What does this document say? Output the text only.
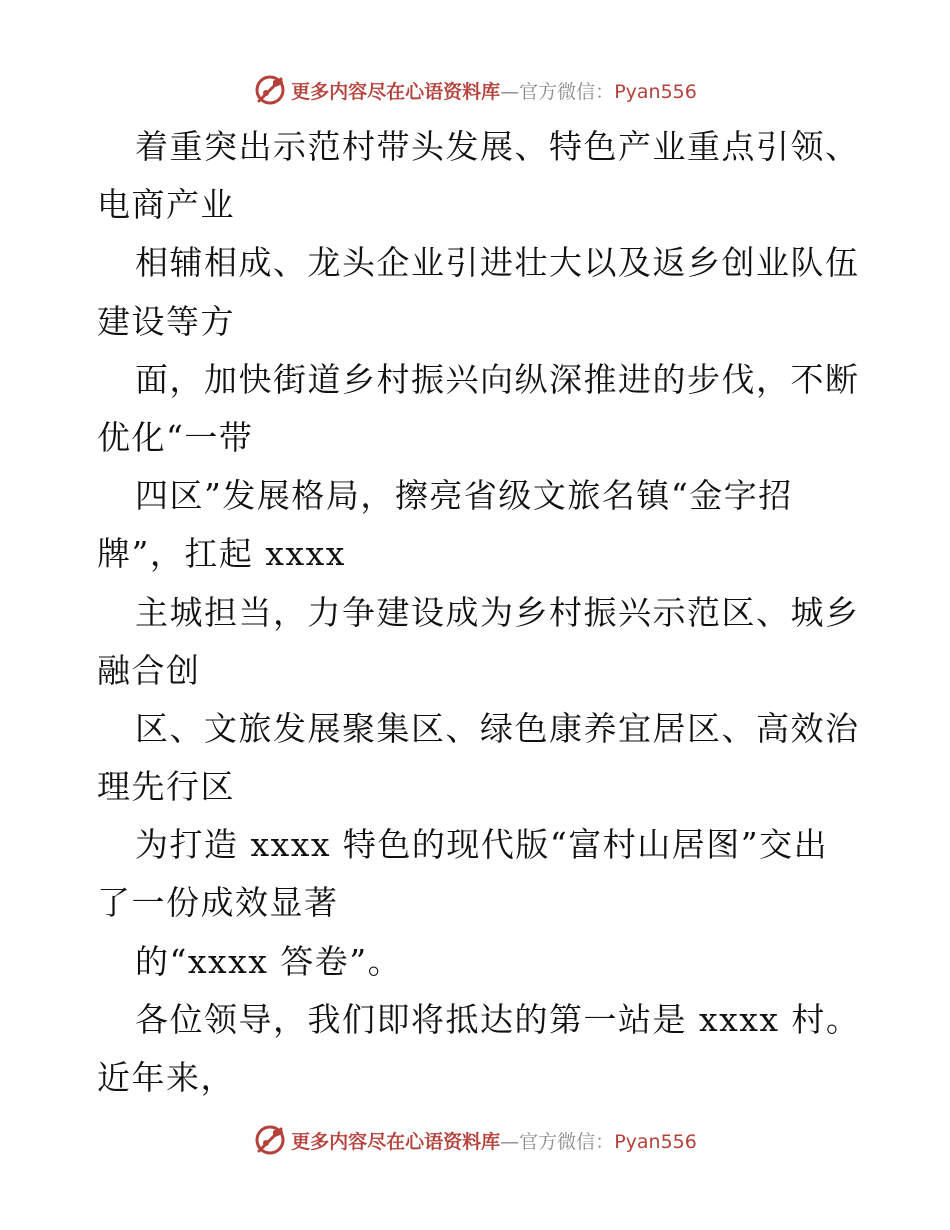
更多内容尽在心语资料库—官方微信：Pyan556
着重突出示范村带头发展、特色产业重点引领、
电商产业
相辅相成、龙头企业引进壮大以及返乡创业队伍
建设等方
面，加快街道乡村振兴向纵深推进的步伐，不断
优化“一带
四区”发展格局，擦亮省级文旅名镇“金字招
牌”，扛起 xxxx
主城担当，力争建设成为乡村振兴示范区、城乡
融合创
区、文旅发展聚集区、绿色康养宜居区、高效治
理先行区
为打造 xxxx 特色的现代版“富村山居图”交出
了一份成效显著
的“xxxx 答卷”。
各位领导，我们即将抵达的第一站是 xxxx 村。
近年来，
更多内容尽在心语资料库—官方微信：Pyan556
